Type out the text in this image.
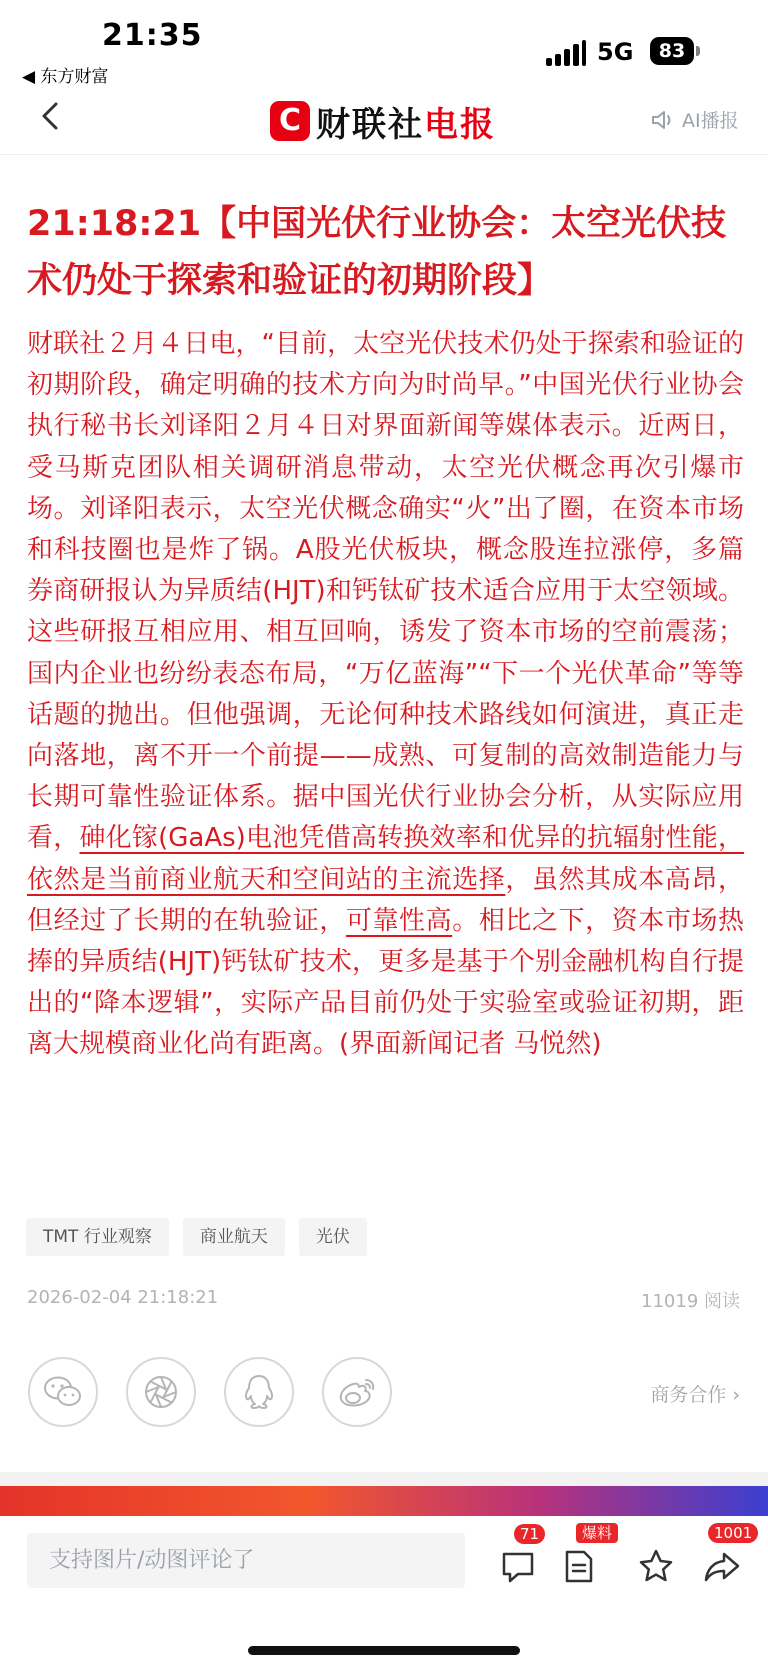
21:35
◀ 东方财富
5G	83
C 财联社电报	AI播报
21:18:21【中国光伏行业协会：太空光伏技术仍处于探索和验证的初期阶段】
财联社２月４日电，“目前，太空光伏技术仍处于探索和验证的初期阶段，确定明确的技术方向为时尚早。”中国光伏行业协会执行秘书长刘译阳２月４日对界面新闻等媒体表示。近两日，受马斯克团队相关调研消息带动，太空光伏概念再次引爆市场。刘译阳表示，太空光伏概念确实“火”出了圈，在资本市场和科技圈也是炸了锅。A股光伏板块，概念股连拉涨停，多篇券商研报认为异质结(HJT)和钙钛矿技术适合应用于太空领域。这些研报互相应用、相互回响，诱发了资本市场的空前震荡；国内企业也纷纷表态布局，“万亿蓝海”“下一个光伏革命”等等话题的抛出。但他强调，无论何种技术路线如何演进，真正走向落地，离不开一个前提——成熟、可复制的高效制造能力与长期可靠性验证体系。据中国光伏行业协会分析，从实际应用看，砷化镓(GaAs)电池凭借高转换效率和优异的抗辐射性能，依然是当前商业航天和空间站的主流选择，虽然其成本高昂，但经过了长期的在轨验证，可靠性高。相比之下，资本市场热捧的异质结(HJT)钙钛矿技术，更多是基于个别金融机构自行提出的“降本逻辑”，实际产品目前仍处于实验室或验证初期，距离大规模商业化尚有距离。(界面新闻记者 马悦然)
TMT 行业观察	商业航天	光伏
2026-02-04 21:18:21	11019 阅读
商务合作 ›
支持图片/动图评论了
71	爆料	1001
